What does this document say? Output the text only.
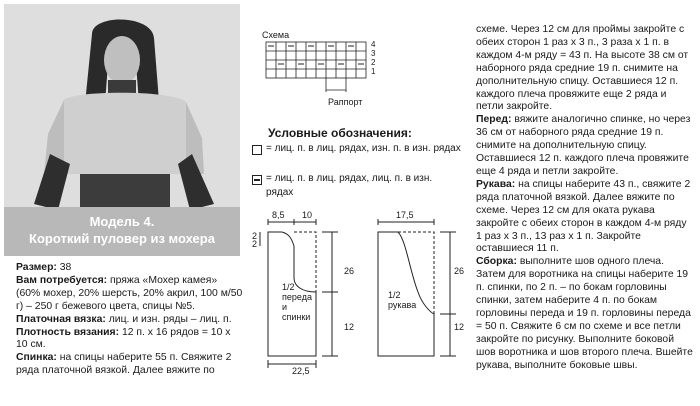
Модель 4.
Короткий пуловер из мохера

Размер: 38

Вам потребуется: пряжа «Мохер камея» (60% мохер, 20% шерсть, 20% акрил, 100 м/50 г) – 250 г бежевого цвета, спицы №5.

Платочная вязка: лиц. и изн. ряды – лиц. п.

Плотность вязания: 12 п. х 16 рядов = 10 х 10 см.

Спинка: на спицы наберите 55 п. Свяжите 2 ряда платочной вязкой. Далее вяжите по

Схема
4
3
2
1
Раппорт
Условные обозначения:
= лиц. п. в лиц. рядах, изн. п. в изн. рядах
= лиц. п. в лиц. рядах, лиц. п. в изн. рядах
8,5 10
2
2
26
12
22,5
1/2
переда
и
спинки
17,5
26
12
1/2
рукава

схеме. Через 12 см для проймы закройте с обеих сторон 1 раз х 3 п., 3 раза х 1 п. в каждом 4-м ряду = 43 п. На высоте 38 см от наборного ряда средние 19 п. снимите на дополнительную спицу. Оставшиеся 12 п. каждого плеча провяжите еще 2 ряда и петли закройте.

Перед: вяжите аналогично спинке, но через 36 см от наборного ряда средние 19 п. снимите на дополнительную спицу. Оставшиеся 12 п. каждого плеча провяжите еще 4 ряда и петли закройте.

Рукава: на спицы наберите 43 п., свяжите 2 ряда платочной вязкой. Далее вяжите по схеме. Через 12 см для оката рукава закройте с обеих сторон в каждом 4-м ряду 1 раз х 3 п., 13 раз х 1 п. Закройте оставшиеся 11 п.

Сборка: выполните шов одного плеча. Затем для воротника на спицы наберите 19 п. спинки, по 2 п. – по бокам горловины спинки, затем наберите 4 п. по бокам горловины переда и 19 п. горловины переда = 50 п. Свяжите 6 см по схеме и все петли закройте по рисунку. Выполните боковой шов воротника и шов второго плеча. Вшейте рукава, выполните боковые швы.
